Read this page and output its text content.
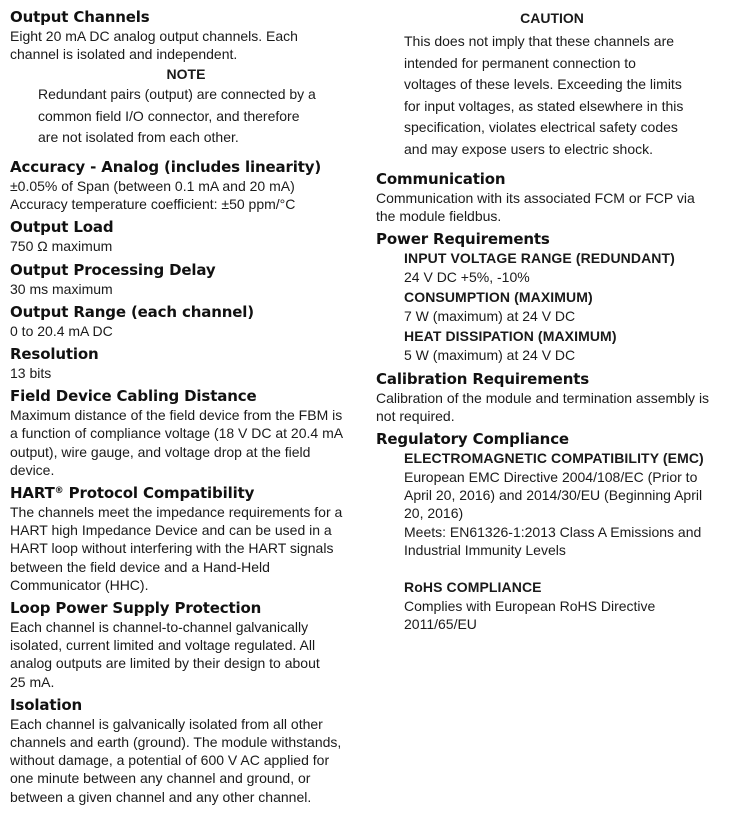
Output Channels
Eight 20 mA DC analog output channels. Each channel is isolated and independent.
NOTE
Redundant pairs (output) are connected by a
common field I/O connector, and therefore
are not isolated from each other.
Accuracy - Analog (includes linearity)
±0.05% of Span (between 0.1 mA and 20 mA)
Accuracy temperature coefficient: ±50 ppm/°C
Output Load
750 Ω maximum
Output Processing Delay
30 ms maximum
Output Range (each channel)
0 to 20.4 mA DC
Resolution
13 bits
Field Device Cabling Distance
Maximum distance of the field device from the FBM is
a function of compliance voltage (18 V DC at 20.4 mA
output), wire gauge, and voltage drop at the field
device.
HART® Protocol Compatibility
The channels meet the impedance requirements for a
HART high Impedance Device and can be used in a
HART loop without interfering with the HART signals
between the field device and a Hand-Held
Communicator (HHC).
Loop Power Supply Protection
Each channel is channel-to-channel galvanically
isolated, current limited and voltage regulated. All
analog outputs are limited by their design to about
25 mA.
Isolation
Each channel is galvanically isolated from all other
channels and earth (ground). The module withstands,
without damage, a potential of 600 V AC applied for
one minute between any channel and ground, or
between a given channel and any other channel.
CAUTION
This does not imply that these channels are
intended for permanent connection to
voltages of these levels. Exceeding the limits
for input voltages, as stated elsewhere in this
specification, violates electrical safety codes
and may expose users to electric shock.
Communication
Communication with its associated FCM or FCP via
the module fieldbus.
Power Requirements
INPUT VOLTAGE RANGE (REDUNDANT)
24 V DC +5%, -10%
CONSUMPTION (MAXIMUM)
7 W (maximum) at 24 V DC
HEAT DISSIPATION (MAXIMUM)
5 W (maximum) at 24 V DC
Calibration Requirements
Calibration of the module and termination assembly is
not required.
Regulatory Compliance
ELECTROMAGNETIC COMPATIBILITY (EMC)
European EMC Directive 2004/108/EC (Prior to
April 20, 2016) and 2014/30/EU (Beginning April
20, 2016)
Meets: EN61326-1:2013 Class A Emissions and
Industrial Immunity Levels
RoHS COMPLIANCE
Complies with European RoHS Directive
2011/65/EU
